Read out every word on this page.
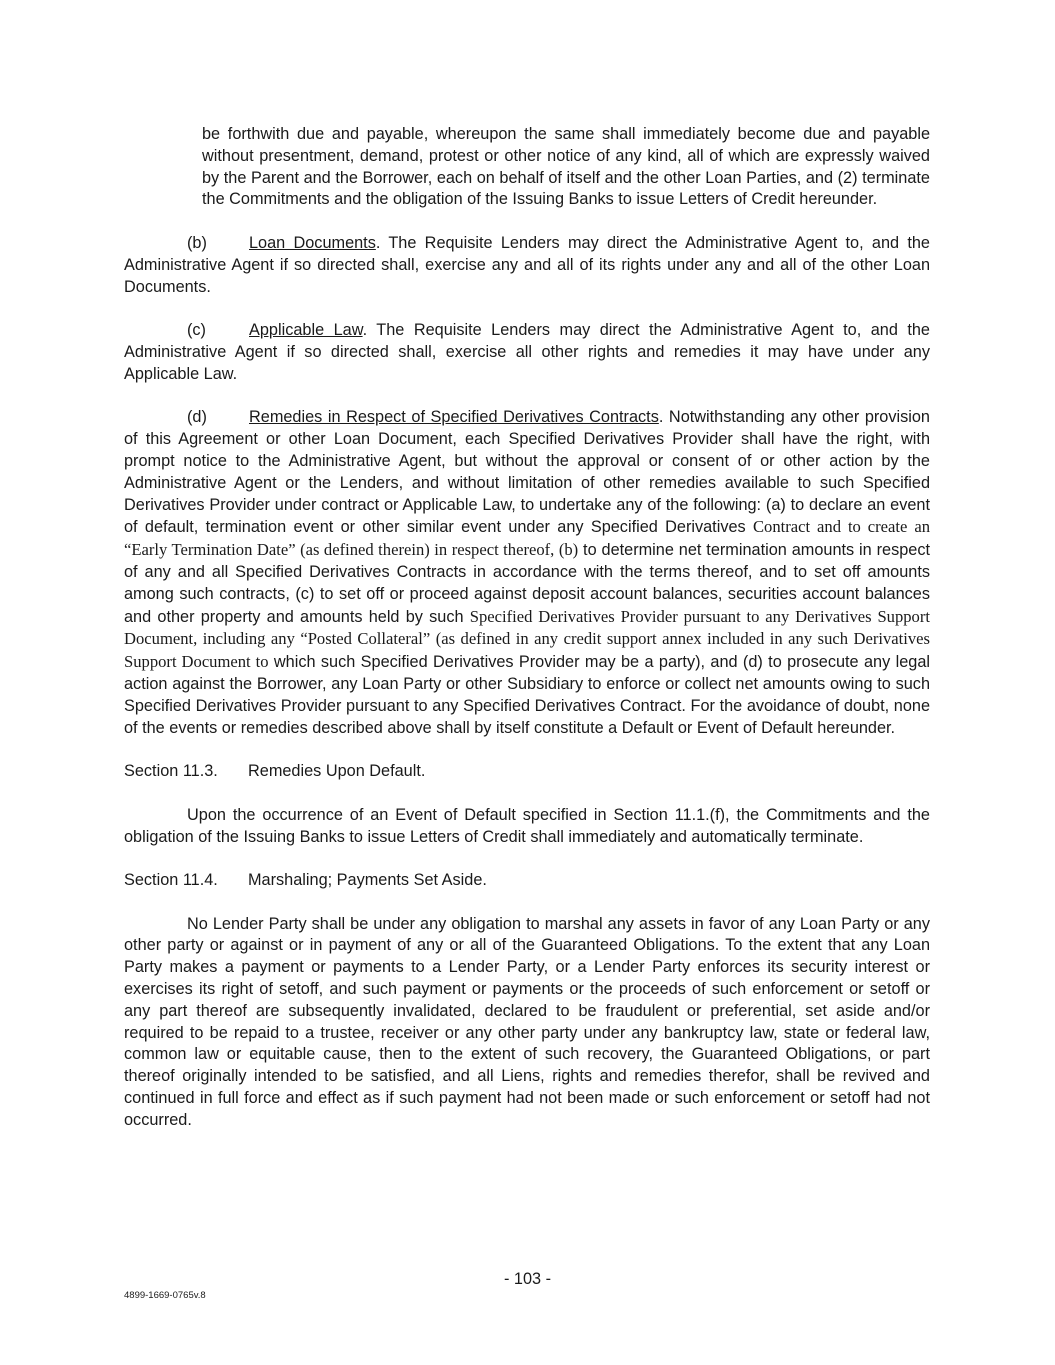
be forthwith due and payable, whereupon the same shall immediately become due and payable without presentment, demand, protest or other notice of any kind, all of which are expressly waived by the Parent and the Borrower, each on behalf of itself and the other Loan Parties, and (2) terminate the Commitments and the obligation of the Issuing Banks to issue Letters of Credit hereunder.

(b)	Loan Documents. The Requisite Lenders may direct the Administrative Agent to, and the Administrative Agent if so directed shall, exercise any and all of its rights under any and all of the other Loan Documents.

(c)	Applicable Law. The Requisite Lenders may direct the Administrative Agent to, and the Administrative Agent if so directed shall, exercise all other rights and remedies it may have under any Applicable Law.

(d)	Remedies in Respect of Specified Derivatives Contracts. Notwithstanding any other provision of this Agreement or other Loan Document, each Specified Derivatives Provider shall have the right, with prompt notice to the Administrative Agent, but without the approval or consent of or other action by the Administrative Agent or the Lenders, and without limitation of other remedies available to such Specified Derivatives Provider under contract or Applicable Law, to undertake any of the following: (a) to declare an event of default, termination event or other similar event under any Specified Derivatives Contract and to create an “Early Termination Date” (as defined therein) in respect thereof, (b) to determine net termination amounts in respect of any and all Specified Derivatives Contracts in accordance with the terms thereof, and to set off amounts among such contracts, (c) to set off or proceed against deposit account balances, securities account balances and other property and amounts held by such Specified Derivatives Provider pursuant to any Derivatives Support Document, including any “Posted Collateral” (as defined in any credit support annex included in any such Derivatives Support Document to which such Specified Derivatives Provider may be a party), and (d) to prosecute any legal action against the Borrower, any Loan Party or other Subsidiary to enforce or collect net amounts owing to such Specified Derivatives Provider pursuant to any Specified Derivatives Contract. For the avoidance of doubt, none of the events or remedies described above shall by itself constitute a Default or Event of Default hereunder.

Section 11.3.	Remedies Upon Default.

Upon the occurrence of an Event of Default specified in Section 11.1.(f), the Commitments and the obligation of the Issuing Banks to issue Letters of Credit shall immediately and automatically terminate.

Section 11.4.	Marshaling; Payments Set Aside.

No Lender Party shall be under any obligation to marshal any assets in favor of any Loan Party or any other party or against or in payment of any or all of the Guaranteed Obligations. To the extent that any Loan Party makes a payment or payments to a Lender Party, or a Lender Party enforces its security interest or exercises its right of setoff, and such payment or payments or the proceeds of such enforcement or setoff or any part thereof are subsequently invalidated, declared to be fraudulent or preferential, set aside and/or required to be repaid to a trustee, receiver or any other party under any bankruptcy law, state or federal law, common law or equitable cause, then to the extent of such recovery, the Guaranteed Obligations, or part thereof originally intended to be satisfied, and all Liens, rights and remedies therefor, shall be revived and continued in full force and effect as if such payment had not been made or such enforcement or setoff had not occurred.

- 103 -
4899-1669-0765v.8
